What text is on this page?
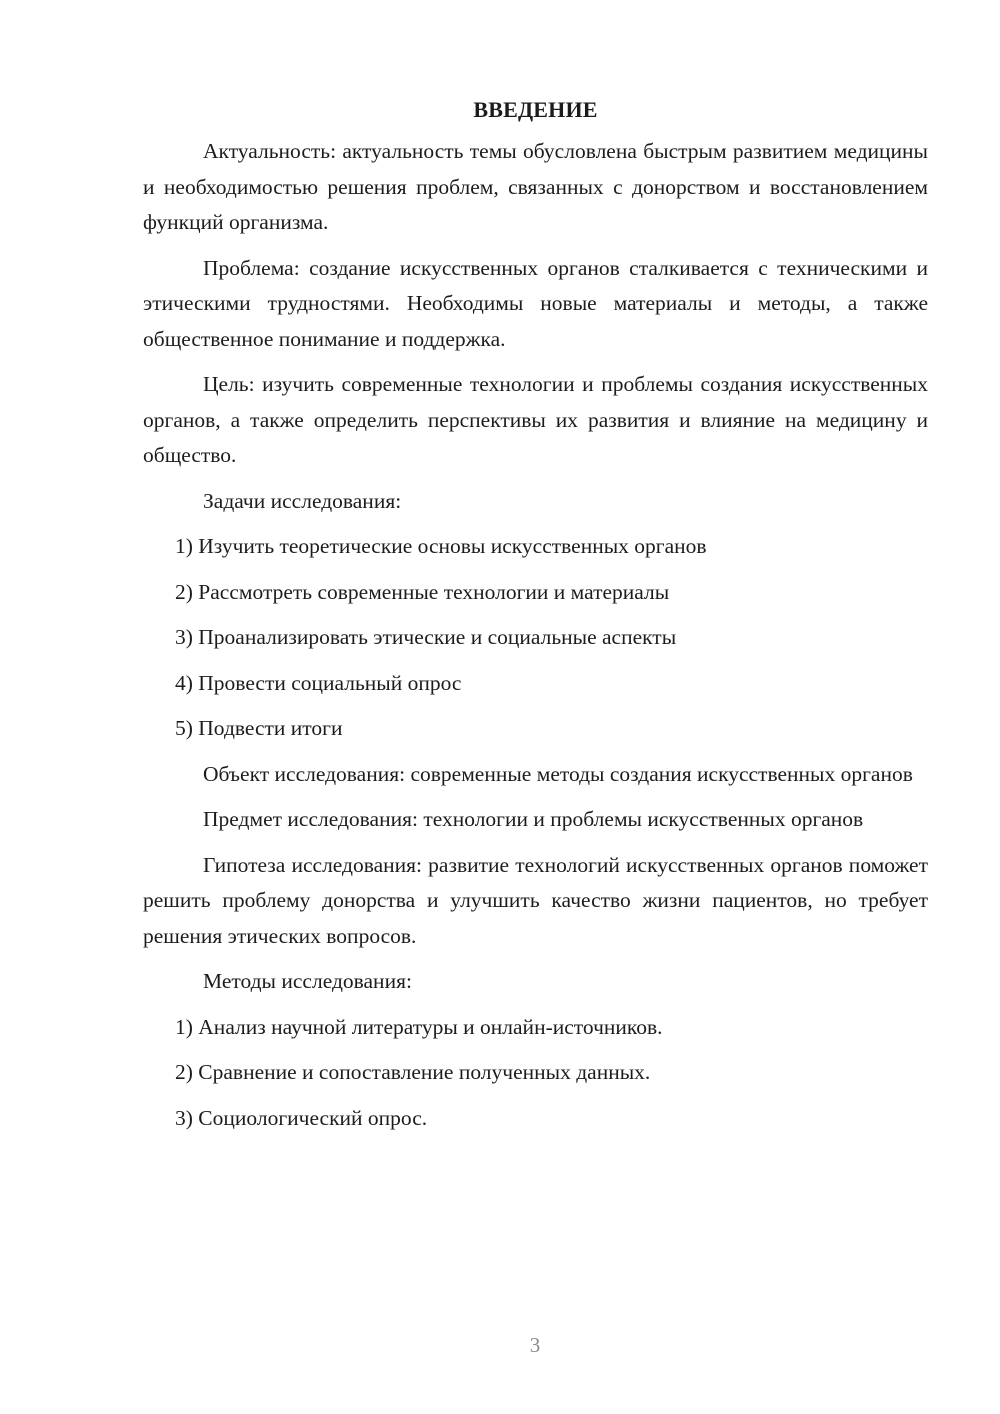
ВВЕДЕНИЕ

Актуальность: актуальность темы обусловлена быстрым развитием медицины и необходимостью решения проблем, связанных с донорством и восстановлением функций организма.

Проблема: создание искусственных органов сталкивается с техническими и этическими трудностями. Необходимы новые материалы и методы, а также общественное понимание и поддержка.

Цель: изучить современные технологии и проблемы создания искусственных органов, а также определить перспективы их развития и влияние на медицину и общество.

Задачи исследования:

1) Изучить теоретические основы искусственных органов
2) Рассмотреть современные технологии и материалы
3) Проанализировать этические и социальные аспекты
4) Провести социальный опрос
5) Подвести итоги

Объект исследования: современные методы создания искусственных органов

Предмет исследования: технологии и проблемы искусственных органов

Гипотеза исследования: развитие технологий искусственных органов поможет решить проблему донорства и улучшить качество жизни пациентов, но требует решения этических вопросов.

Методы исследования:

1) Анализ научной литературы и онлайн-источников.
2) Сравнение и сопоставление полученных данных.
3) Социологический опрос.
3
